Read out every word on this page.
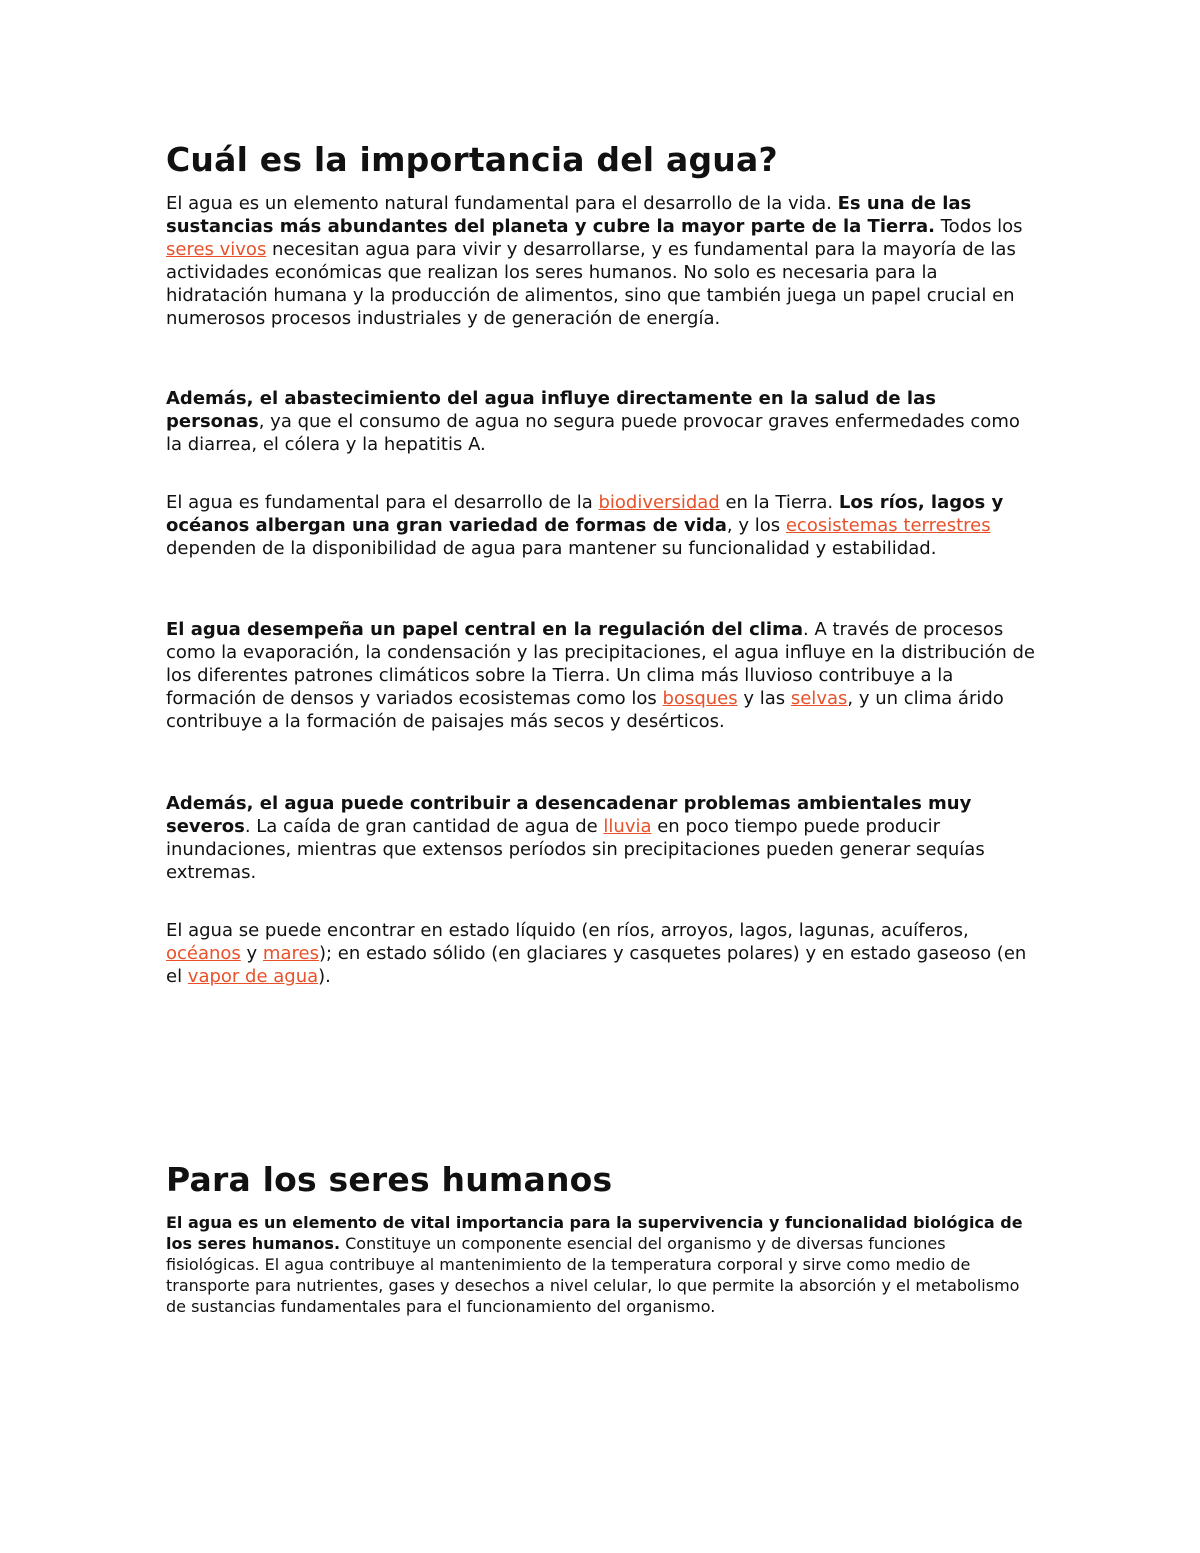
Cuál es la importancia del agua?

El agua es un elemento natural fundamental para el desarrollo de la vida. Es una de las sustancias más abundantes del planeta y cubre la mayor parte de la Tierra. Todos los seres vivos necesitan agua para vivir y desarrollarse, y es fundamental para la mayoría de las actividades económicas que realizan los seres humanos. No solo es necesaria para la hidratación humana y la producción de alimentos, sino que también juega un papel crucial en numerosos procesos industriales y de generación de energía.

Además, el abastecimiento del agua influye directamente en la salud de las personas, ya que el consumo de agua no segura puede provocar graves enfermedades como la diarrea, el cólera y la hepatitis A.

El agua es fundamental para el desarrollo de la biodiversidad en la Tierra. Los ríos, lagos y océanos albergan una gran variedad de formas de vida, y los ecosistemas terrestres dependen de la disponibilidad de agua para mantener su funcionalidad y estabilidad.

El agua desempeña un papel central en la regulación del clima. A través de procesos como la evaporación, la condensación y las precipitaciones, el agua influye en la distribución de los diferentes patrones climáticos sobre la Tierra. Un clima más lluvioso contribuye a la formación de densos y variados ecosistemas como los bosques y las selvas, y un clima árido contribuye a la formación de paisajes más secos y desérticos.

Además, el agua puede contribuir a desencadenar problemas ambientales muy severos. La caída de gran cantidad de agua de lluvia en poco tiempo puede producir inundaciones, mientras que extensos períodos sin precipitaciones pueden generar sequías extremas.

El agua se puede encontrar en estado líquido (en ríos, arroyos, lagos, lagunas, acuíferos, océanos y mares); en estado sólido (en glaciares y casquetes polares) y en estado gaseoso (en el vapor de agua).

Para los seres humanos

El agua es un elemento de vital importancia para la supervivencia y funcionalidad biológica de los seres humanos. Constituye un componente esencial del organismo y de diversas funciones fisiológicas. El agua contribuye al mantenimiento de la temperatura corporal y sirve como medio de transporte para nutrientes, gases y desechos a nivel celular, lo que permite la absorción y el metabolismo de sustancias fundamentales para el funcionamiento del organismo.
